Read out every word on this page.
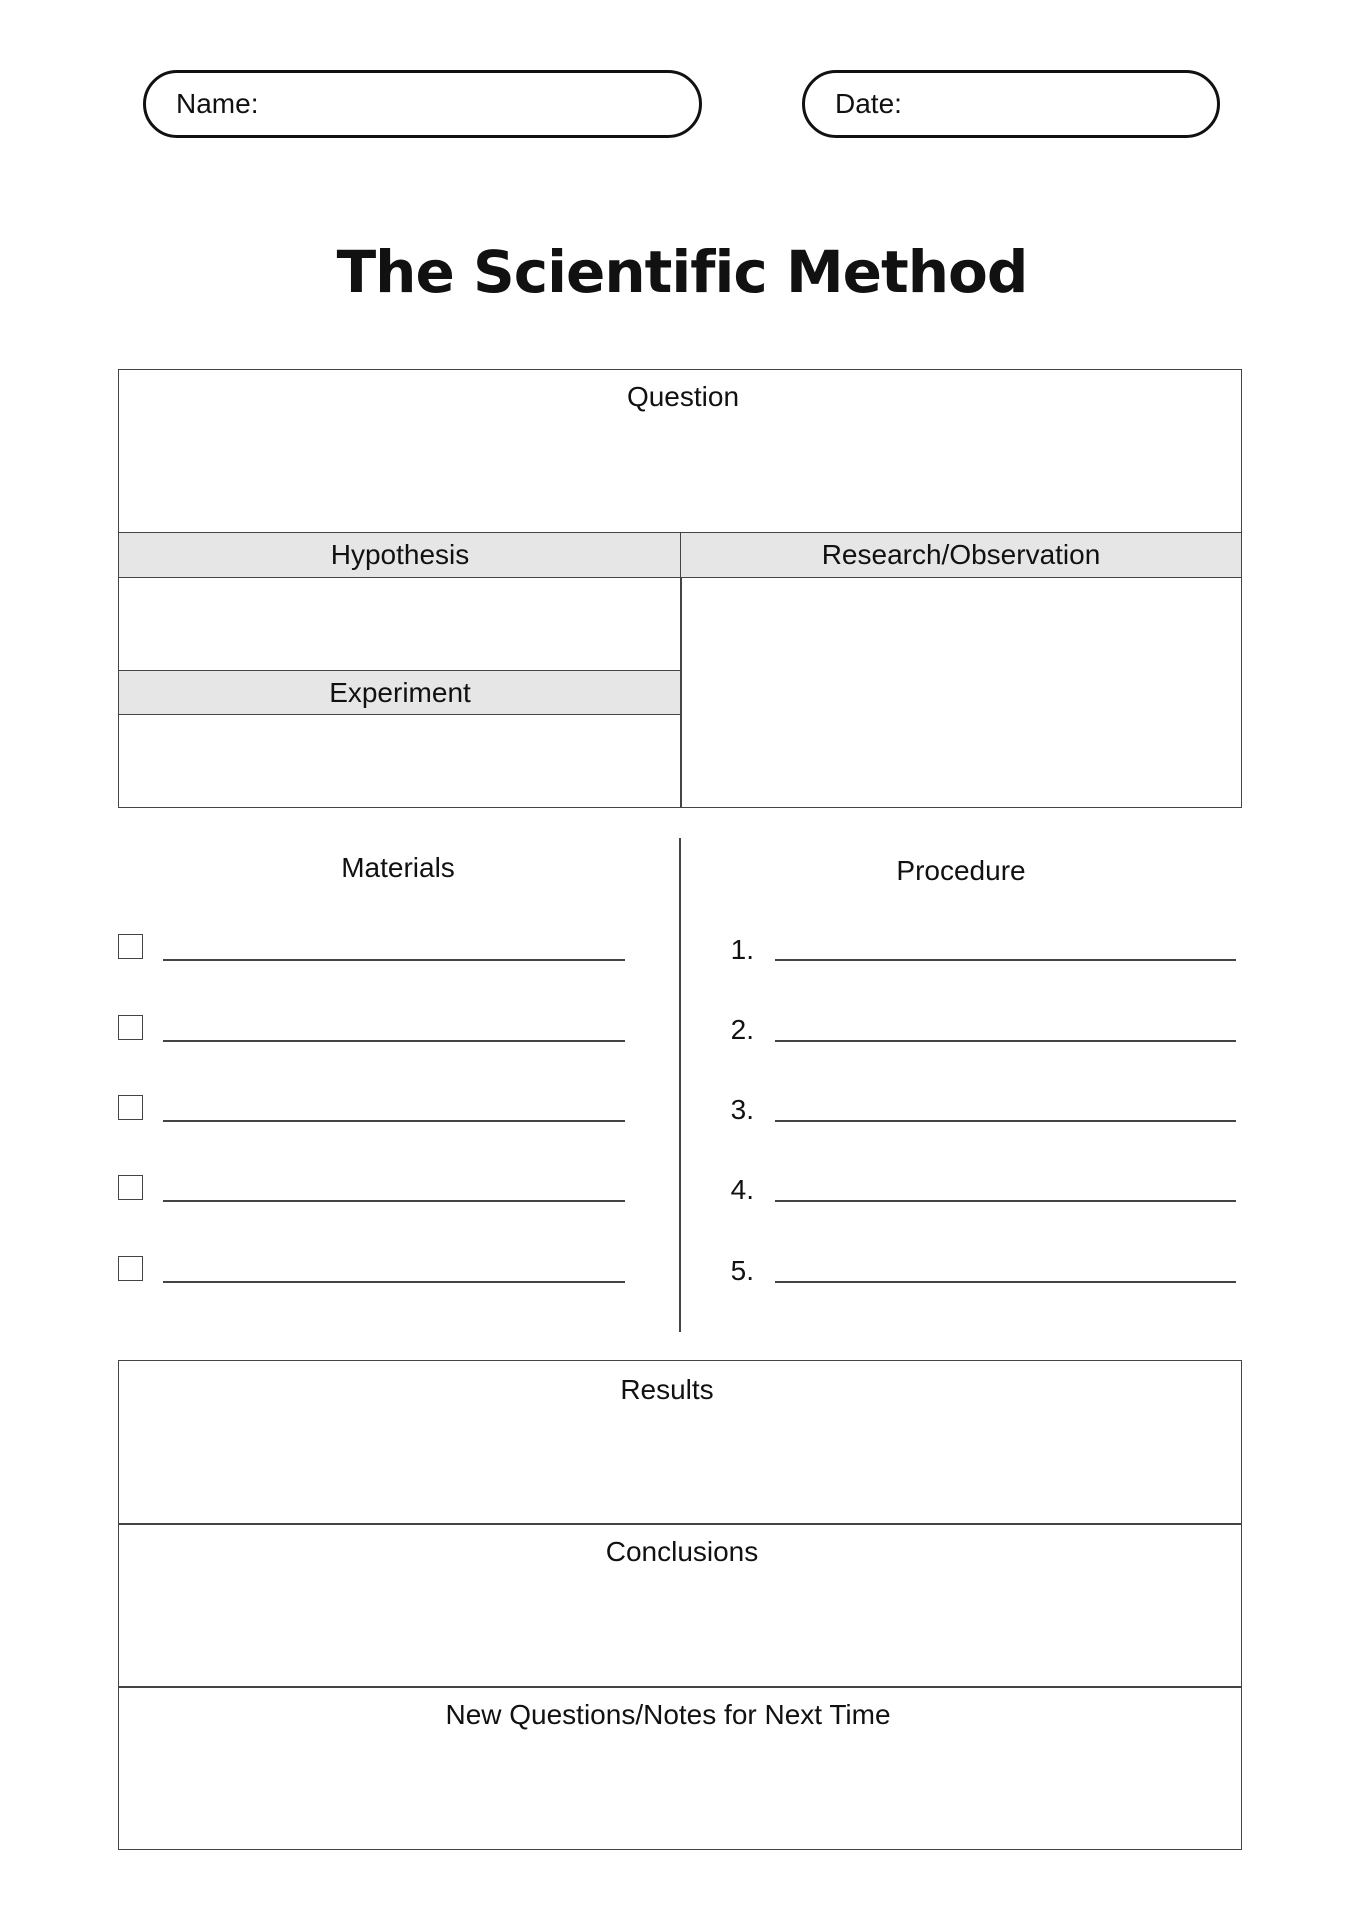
Name:	Date:
The Scientific Method
Question
Hypothesis
Experiment
Research/Observation
Materials	Procedure
1.
2.
3.
4.
5.
Results
Conclusions
New Questions/Notes for Next Time
